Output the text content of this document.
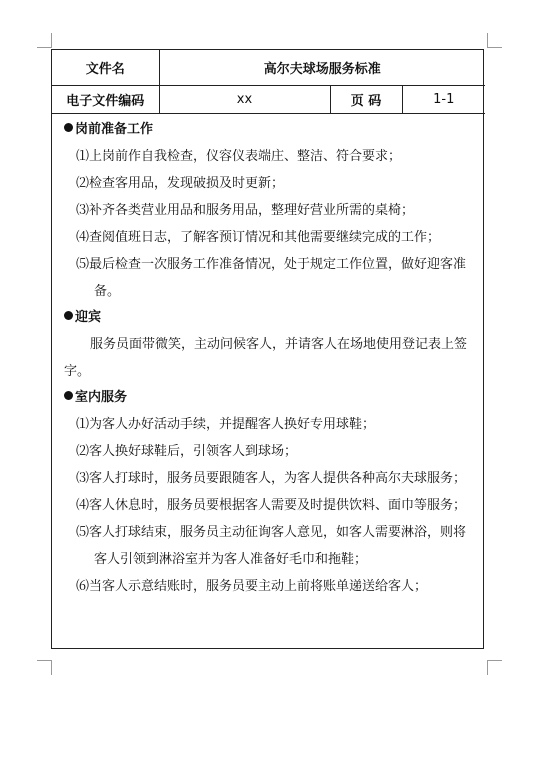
文件名	高尔夫球场服务标准		
电子文件编码	xx	页 码	1-1
岗前准备工作
⑴上岗前作自我检查，仪容仪表端庄、整洁、符合要求；
⑵检查客用品，发现破损及时更新；
⑶补齐各类营业用品和服务用品，整理好营业所需的桌椅；
⑷查阅值班日志，了解客预订情况和其他需要继续完成的工作；
⑸最后检查一次服务工作准备情况，处于规定工作位置，做好迎客准备。
迎宾
服务员面带微笑，主动问候客人，并请客人在场地使用登记表上签字。
室内服务
⑴为客人办好活动手续，并提醒客人换好专用球鞋；
⑵客人换好球鞋后，引领客人到球场；
⑶客人打球时，服务员要跟随客人，为客人提供各种高尔夫球服务；
⑷客人休息时，服务员要根据客人需要及时提供饮料、面巾等服务；
⑸客人打球结束，服务员主动征询客人意见，如客人需要淋浴，则将客人引领到淋浴室并为客人准备好毛巾和拖鞋；
⑹当客人示意结账时，服务员要主动上前将账单递送给客人；
